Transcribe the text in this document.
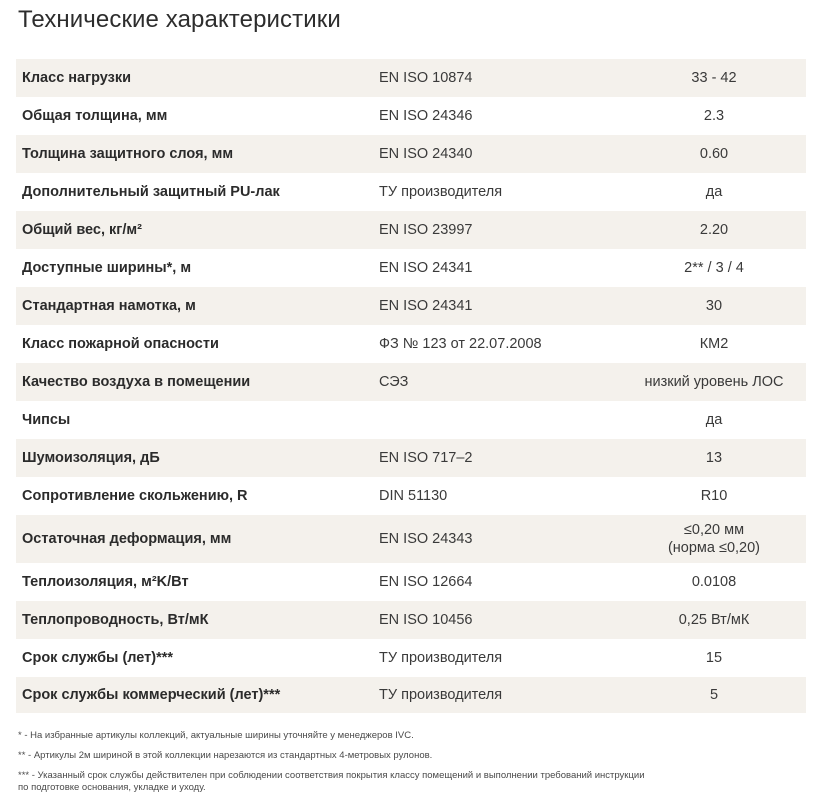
Технические характеристики
Класс нагрузки	EN ISO 10874	33 - 42
Общая толщина, мм	EN ISO 24346	2.3
Толщина защитного слоя, мм	EN ISO 24340	0.60
Дополнительный защитный PU-лак	ТУ производителя	да
Общий вес, кг/м²	EN ISO 23997	2.20
Доступные ширины*, м	EN ISO 24341	2** / 3 / 4
Стандартная намотка, м	EN ISO 24341	30
Класс пожарной опасности	ФЗ № 123 от 22.07.2008	КМ2
Качество воздуха в помещении	СЭЗ	низкий уровень ЛОС
Чипсы		да
Шумоизоляция, дБ	EN ISO 717–2	13
Сопротивление скольжению, R	DIN 51130	R10
Остаточная деформация, мм	EN ISO 24343	≤0,20 мм
(норма ≤0,20)

Теплоизоляция, м²K/Вт	EN ISO 12664	0.0108
Теплопроводность, Вт/мК	EN ISO 10456	0,25 Вт/мК
Срок службы (лет)***	ТУ производителя	15
Срок службы коммерческий (лет)***	ТУ производителя	5

* - На избранные артикулы коллекций, актуальные ширины уточняйте у менеджеров IVC.

** - Артикулы 2м шириной в этой коллекции нарезаются из стандартных 4-метровых рулонов.

*** - Указанный срок службы действителен при соблюдении соответствия покрытия классу помещений и выполнении требований инструкции
по подготовке основания, укладке и уходу.
